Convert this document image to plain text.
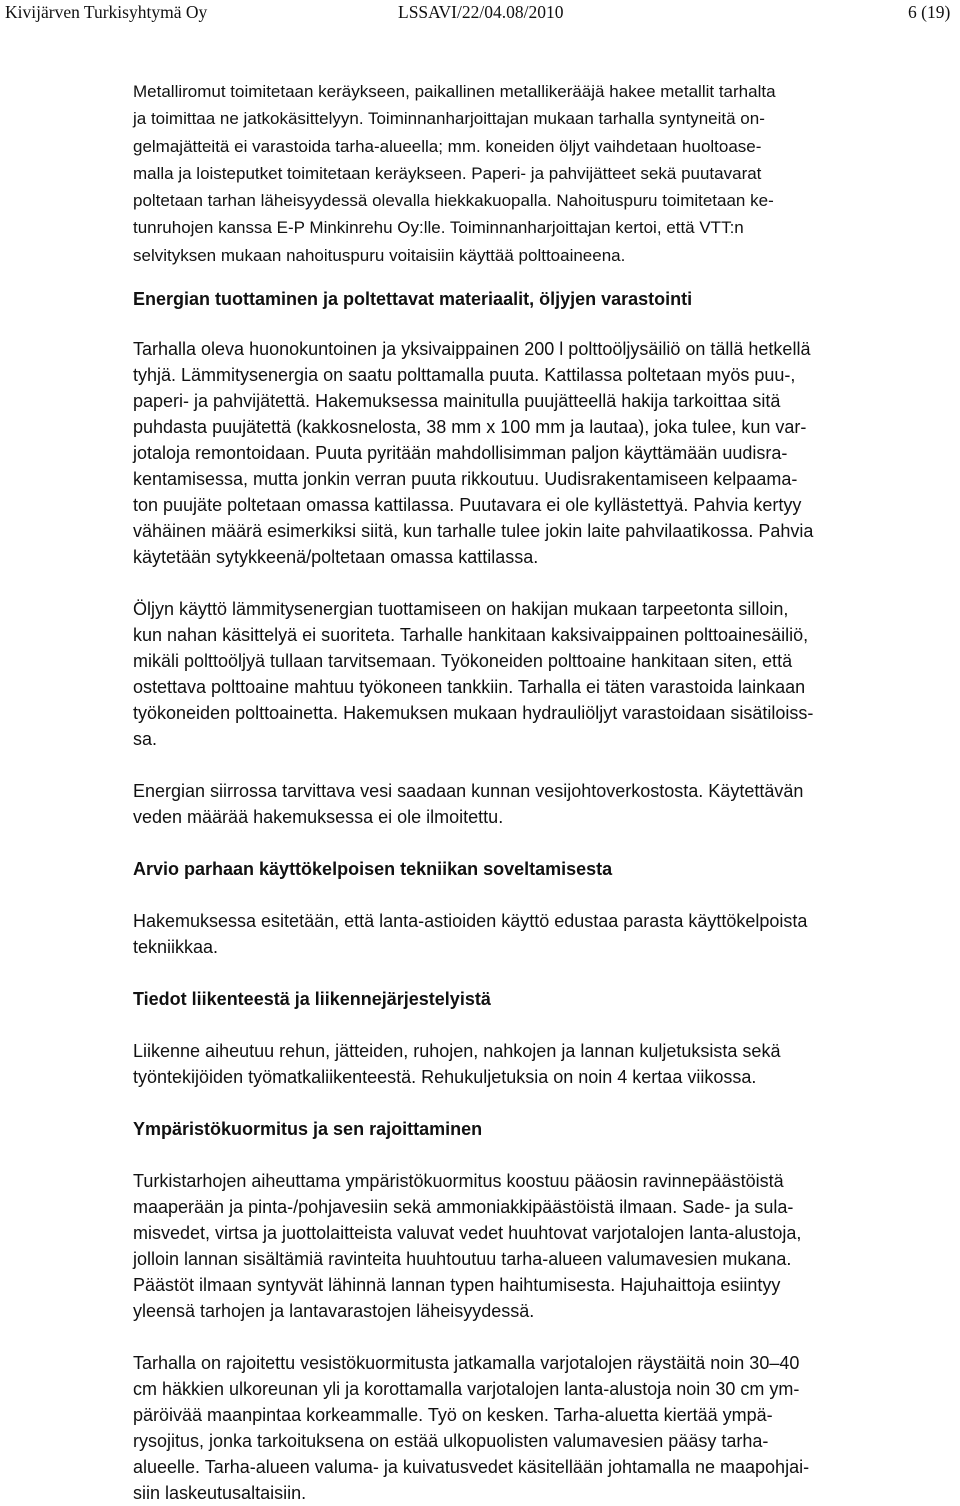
Kivijärven Turkisyhtymä Oy	LSSAVI/22/04.08/2010	6 (19)

Metalliromut toimitetaan keräykseen, paikallinen metallikerääjä hakee metallit tarhalta
ja toimittaa ne jatkokäsittelyyn. Toiminnanharjoittajan mukaan tarhalla syntyneitä on-
gelmajätteitä ei varastoida tarha-alueella; mm. koneiden öljyt vaihdetaan huoltoase-
malla ja loisteputket toimitetaan keräykseen. Paperi- ja pahvijätteet sekä puutavarat
poltetaan tarhan läheisyydessä olevalla hiekkakuopalla. Nahoituspuru toimitetaan ke-
tunruhojen kanssa E-P Minkinrehu Oy:lle. Toiminnanharjoittajan kertoi, että VTT:n
selvityksen mukaan nahoituspuru voitaisiin käyttää polttoaineena.

Energian tuottaminen ja poltettavat materiaalit, öljyjen varastointi

Tarhalla oleva huonokuntoinen ja yksivaippainen 200 l polttoöljysäiliö on tällä hetkellä
tyhjä. Lämmitysenergia on saatu polttamalla puuta. Kattilassa poltetaan myös puu-,
paperi- ja pahvijätettä. Hakemuksessa mainitulla puujätteellä hakija tarkoittaa sitä
puhdasta puujätettä (kakkosnelosta, 38 mm x 100 mm ja lautaa), joka tulee, kun var-
jotaloja remontoidaan. Puuta pyritään mahdollisimman paljon käyttämään uudisra-
kentamisessa, mutta jonkin verran puuta rikkoutuu. Uudisrakentamiseen kelpaama-
ton puujäte poltetaan omassa kattilassa. Puutavara ei ole kyllästettyä. Pahvia kertyy
vähäinen määrä esimerkiksi siitä, kun tarhalle tulee jokin laite pahvilaatikossa. Pahvia
käytetään sytykkeenä/poltetaan omassa kattilassa.

Öljyn käyttö lämmitysenergian tuottamiseen on hakijan mukaan tarpeetonta silloin,
kun nahan käsittelyä ei suoriteta. Tarhalle hankitaan kaksivaippainen polttoainesäiliö,
mikäli polttoöljyä tullaan tarvitsemaan. Työkoneiden polttoaine hankitaan siten, että
ostettava polttoaine mahtuu työkoneen tankkiin. Tarhalla ei täten varastoida lainkaan
työkoneiden polttoainetta. Hakemuksen mukaan hydrauliöljyt varastoidaan sisätiloiss-
sa.

Energian siirrossa tarvittava vesi saadaan kunnan vesijohtoverkostosta. Käytettävän
veden määrää hakemuksessa ei ole ilmoitettu.

Arvio parhaan käyttökelpoisen tekniikan soveltamisesta

Hakemuksessa esitetään, että lanta-astioiden käyttö edustaa parasta käyttökelpoista
tekniikkaa.

Tiedot liikenteestä ja liikennejärjestelyistä

Liikenne aiheutuu rehun, jätteiden, ruhojen, nahkojen ja lannan kuljetuksista sekä
työntekijöiden työmatkaliikenteestä. Rehukuljetuksia on noin 4 kertaa viikossa.

Ympäristökuormitus ja sen rajoittaminen

Turkistarhojen aiheuttama ympäristökuormitus koostuu pääosin ravinnepäästöistä
maaperään ja pinta-/pohjavesiin sekä ammoniakkipäästöistä ilmaan. Sade- ja sula-
misvedet, virtsa ja juottolaitteista valuvat vedet huuhtovat varjotalojen lanta-alustoja,
jolloin lannan sisältämiä ravinteita huuhtoutuu tarha-alueen valumavesien mukana.
Päästöt ilmaan syntyvät lähinnä lannan typen haihtumisesta. Hajuhaittoja esiintyy
yleensä tarhojen ja lantavarastojen läheisyydessä.

Tarhalla on rajoitettu vesistökuormitusta jatkamalla varjotalojen räystäitä noin 30–40
cm häkkien ulkoreunan yli ja korottamalla varjotalojen lanta-alustoja noin 30 cm ym-
päröivää maanpintaa korkeammalle. Työ on kesken. Tarha-aluetta kiertää ympä-
rysojitus, jonka tarkoituksena on estää ulkopuolisten valumavesien pääsy tarha-
alueelle. Tarha-alueen valuma- ja kuivatusvedet käsitellään johtamalla ne maapohjai-
siin laskeutusaltaisiin.
